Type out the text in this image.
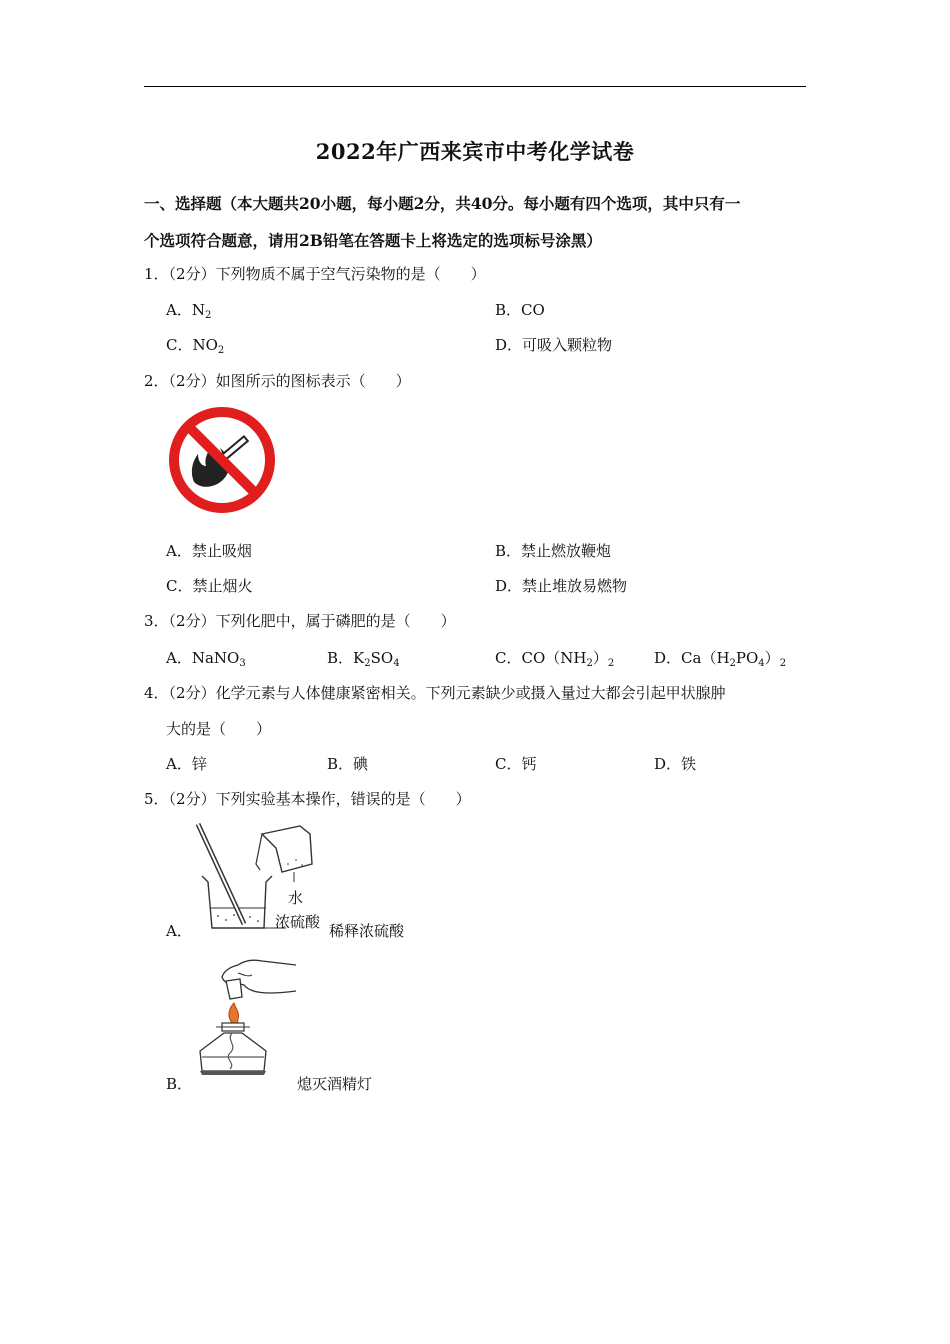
2022年广西来宾市中考化学试卷
一、选择题（本大题共20小题，每小题2分，共40分。每小题有四个选项，其中只有一
个选项符合题意，请用2B铅笔在答题卡上将选定的选项标号涂黑）
1．（2分）下列物质不属于空气污染物的是（　　）
A．$N_2$	B．CO
C．$NO_2$	D．可吸入颗粒物
2．（2分）如图所示的图标表示（　　）
A．禁止吸烟	B．禁止燃放鞭炮
C．禁止烟火	D．禁止堆放易燃物
3．（2分）下列化肥中，属于磷肥的是（　　）
A．NaNO$_3$	B．$K_2SO_4$	C．$CO(NH_2)_2$	D．$Ca(H_2PO_4)_2$
4．（2分）化学元素与人体健康紧密相关。下列元素缺少或摄入量过大都会引起甲状腺肿
大的是（　　）
A．锌	B．碘	C．钙	D．铁
5．（2分）下列实验基本操作，错误的是（　　）
水
浓硫酸
A．	稀释浓硫酸
B．	熄灭酒精灯
